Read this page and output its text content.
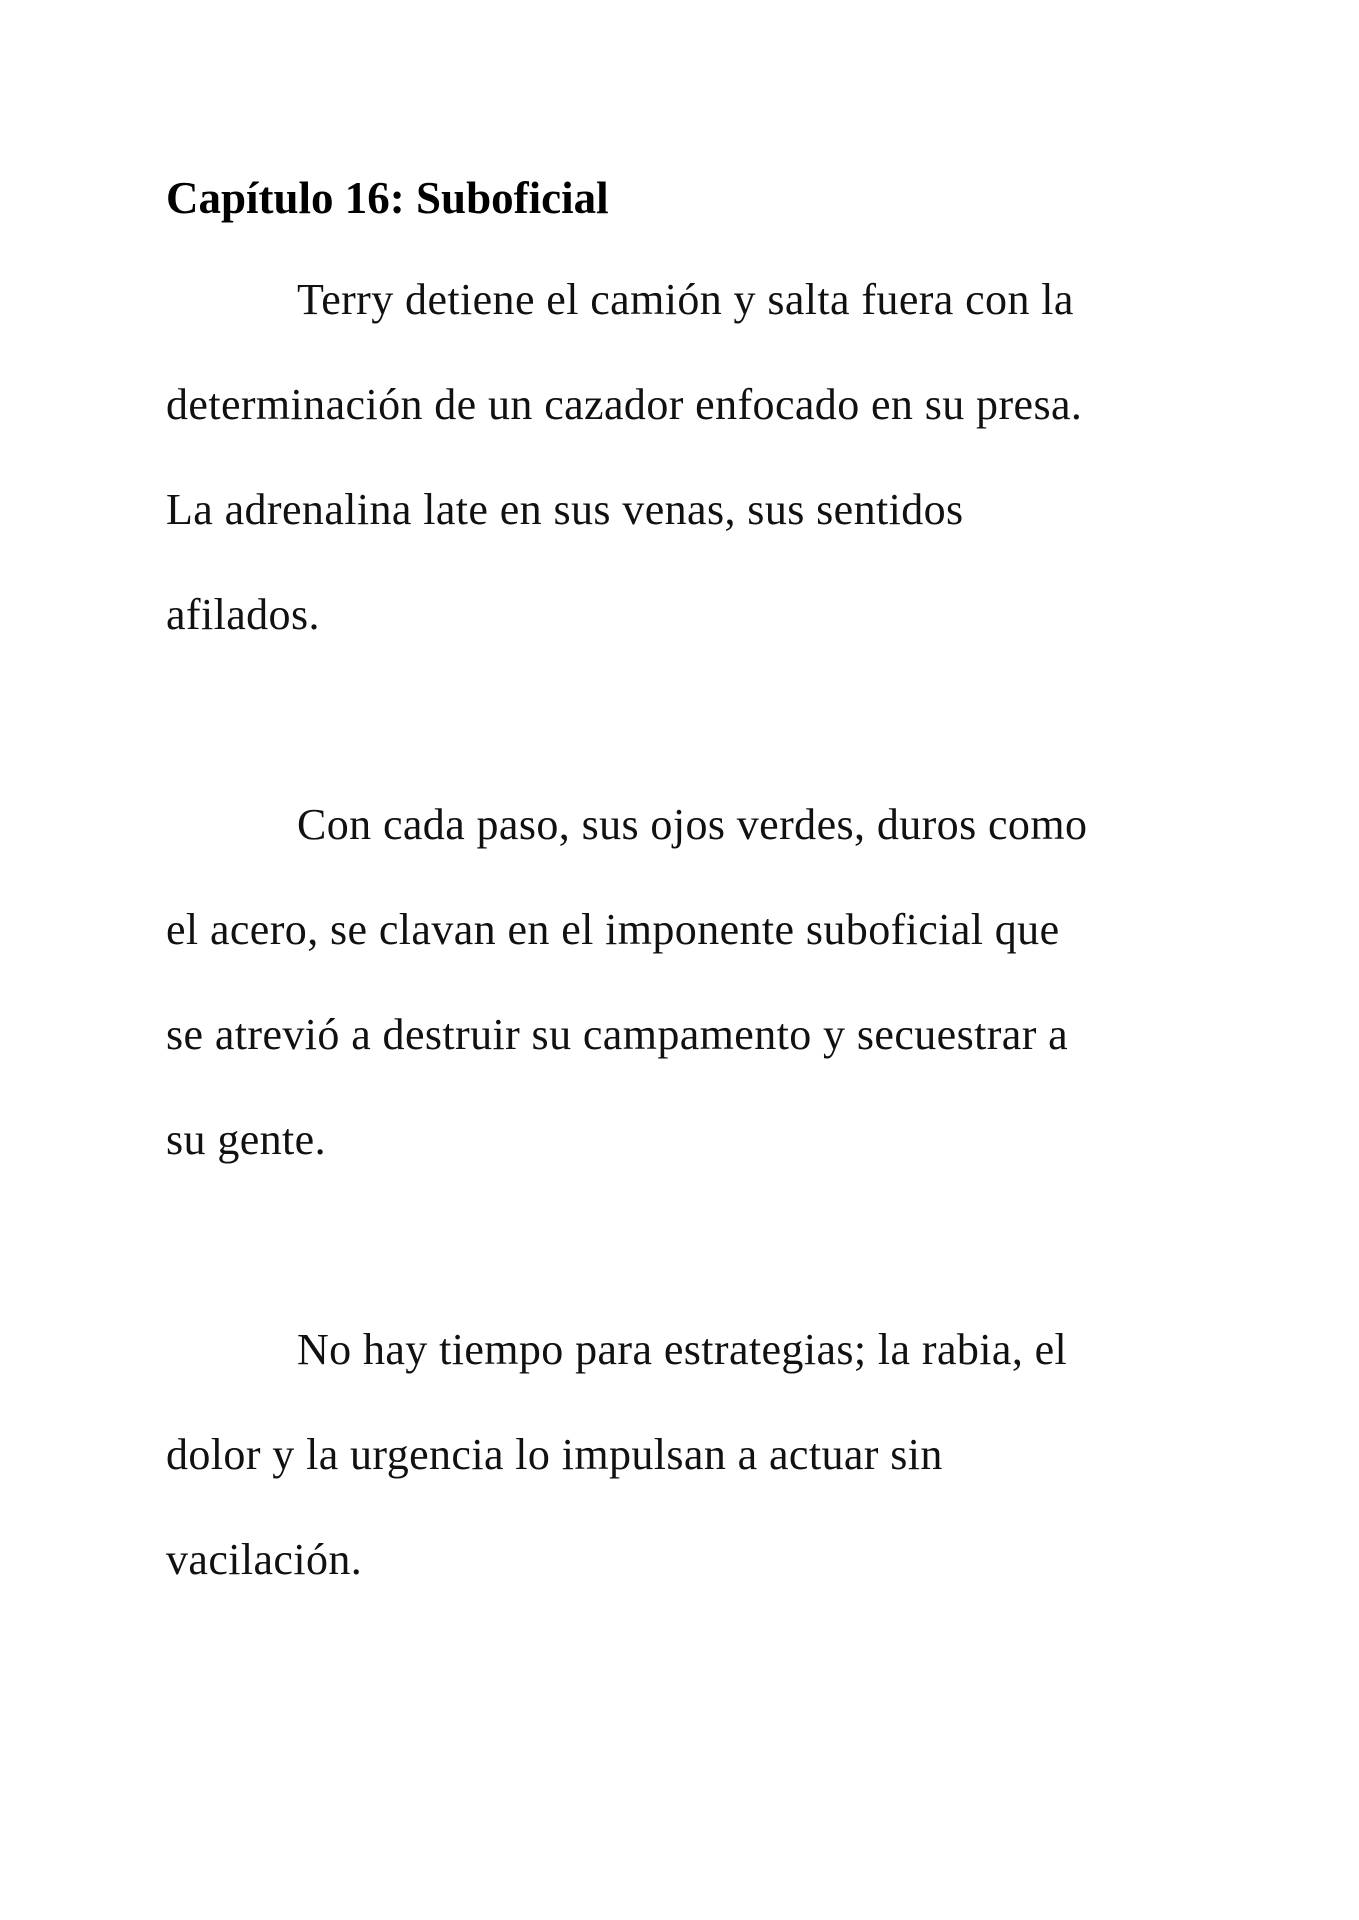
Capítulo 16: Suboficial

Terry detiene el camión y salta fuera con la

determinación de un cazador enfocado en su presa.

La adrenalina late en sus venas, sus sentidos

afilados.

Con cada paso, sus ojos verdes, duros como

el acero, se clavan en el imponente suboficial que

se atrevió a destruir su campamento y secuestrar a

su gente.

No hay tiempo para estrategias; la rabia, el

dolor y la urgencia lo impulsan a actuar sin

vacilación.
